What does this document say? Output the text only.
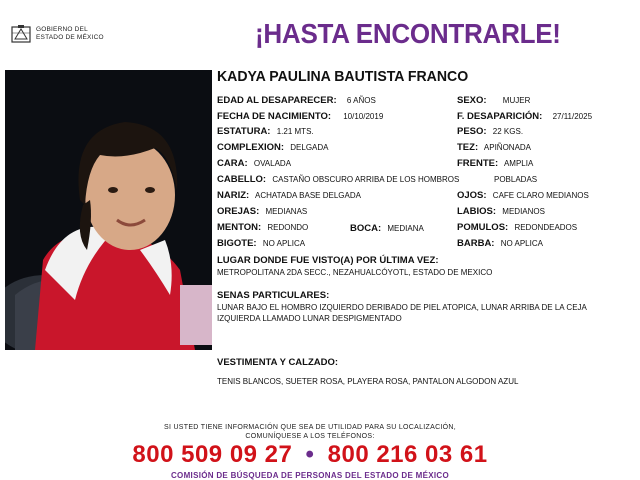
GOBIERNO DEL
ESTADO DE MÉXICO	¡HASTA ENCONTRARLE!
KADYA PAULINA BAUTISTA FRANCO
EDAD AL DESAPARECER: 6 AÑOS	SEXO: MUJER
FECHA DE NACIMIENTO: 10/10/2019	F. DESAPARICIÓN: 27/11/2025
ESTATURA: 1.21 MTS.	PESO: 22 KGS.
COMPLEXION: DELGADA	TEZ: APIÑONADA
CARA: OVALADA	FRENTE: AMPLIA
CABELLO: CASTAÑO OBSCURO ARRIBA DE LOS HOMBROS	POBLADAS
NARIZ: ACHATADA BASE DELGADA	OJOS: CAFE CLARO MEDIANOS
OREJAS: MEDIANAS	LABIOS: MEDIANOS
MENTON: REDONDO	BOCA: MEDIANA	POMULOS: REDONDEADOS
BIGOTE: NO APLICA	BARBA: NO APLICA
LUGAR DONDE FUE VISTO(A) POR ÚLTIMA VEZ:
METROPOLITANA 2DA SECC., NEZAHUALCÓYOTL, ESTADO DE MEXICO
SENAS PARTICULARES:
LUNAR BAJO EL HOMBRO IZQUIERDO DERIBADO DE PIEL ATOPICA, LUNAR ARRIBA DE LA CEJA IZQUIERDA LLAMADO LUNAR DESPIGMENTADO
VESTIMENTA Y CALZADO:
TENIS BLANCOS, SUETER ROSA, PLAYERA ROSA, PANTALON ALGODON AZUL
SI USTED TIENE INFORMACIÓN QUE SEA DE UTILIDAD PARA SU LOCALIZACIÓN,
COMUNÍQUESE A LOS TELÉFONOS:
800 509 09 27 • 800 216 03 61
COMISIÓN DE BÚSQUEDA DE PERSONAS DEL ESTADO DE MÉXICO
